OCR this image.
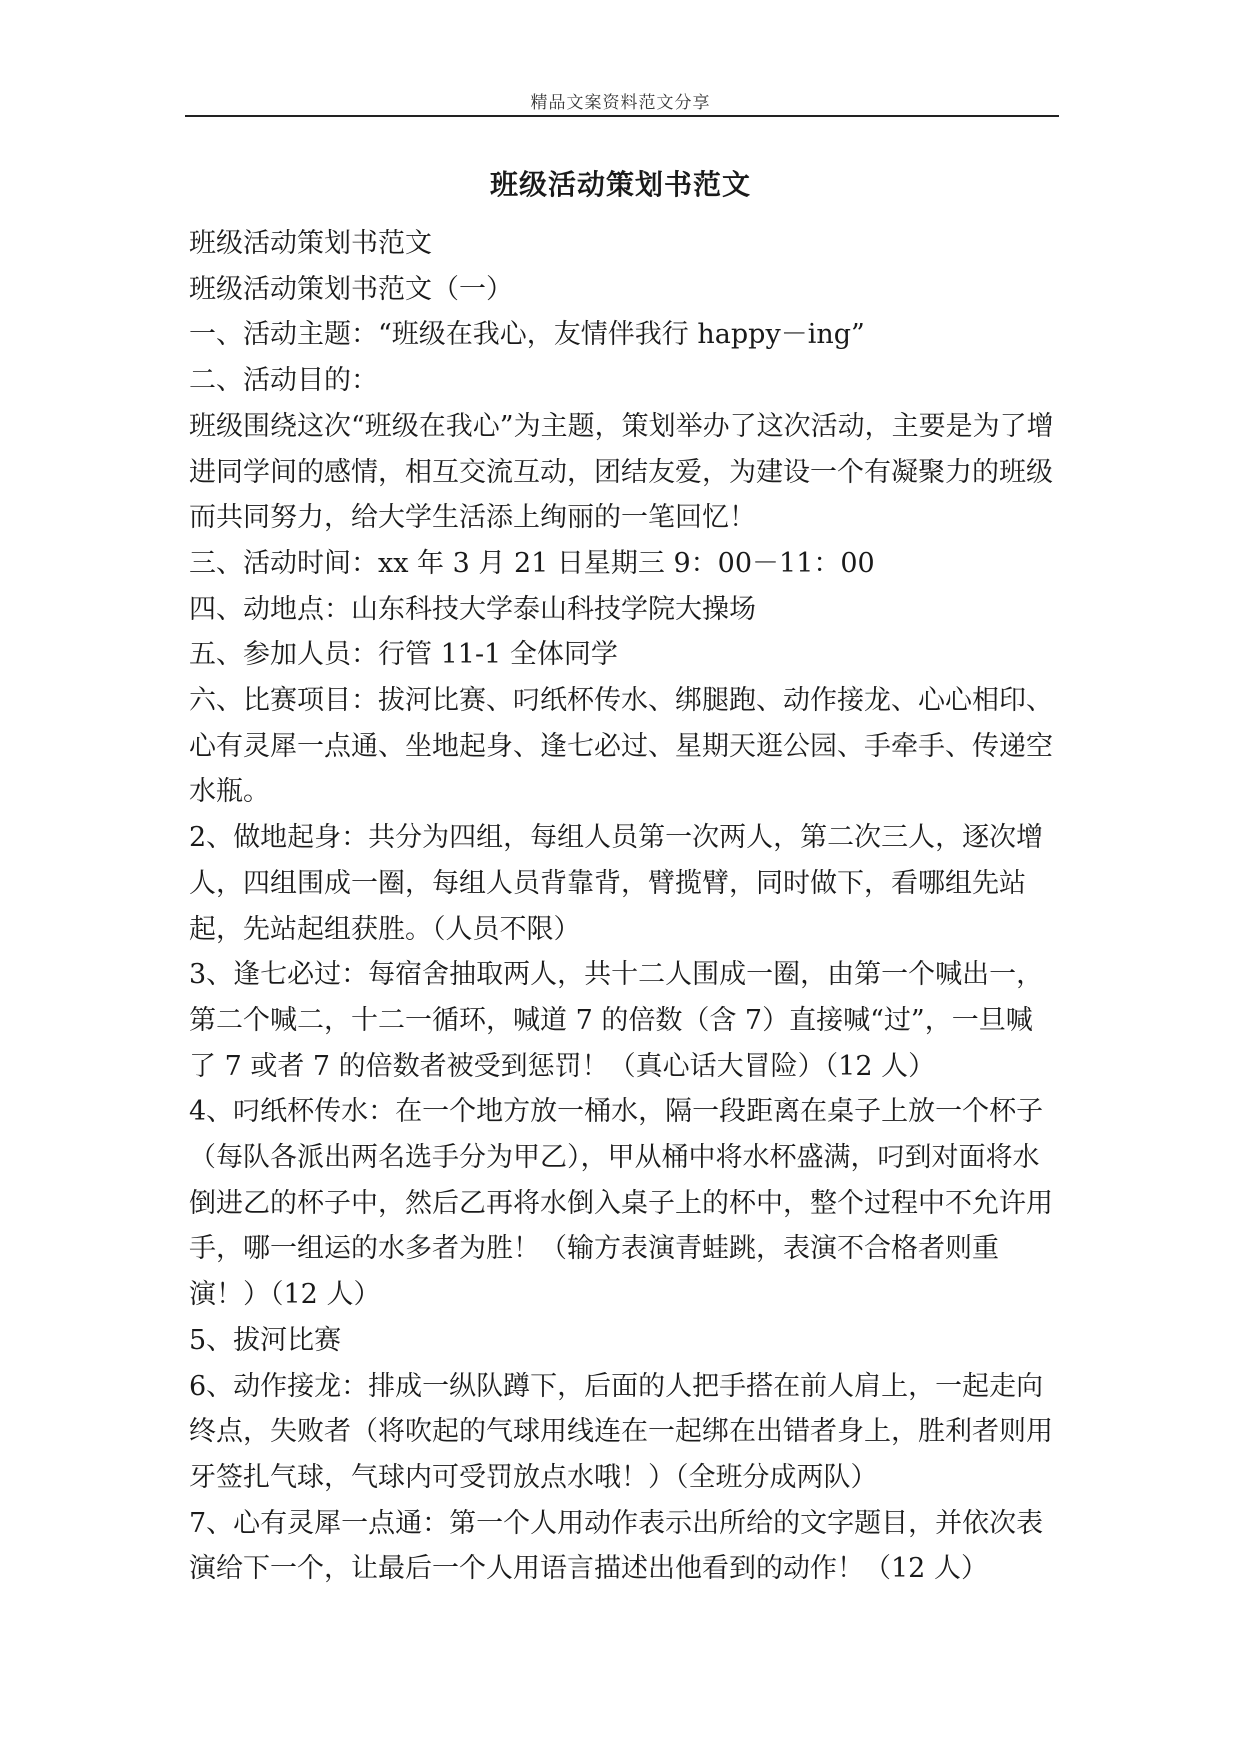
精品文案资料范文分享
班级活动策划书范文

班级活动策划书范文

班级活动策划书范文（一）

一、活动主题：“班级在我心，友情伴我行 happy－ing”

二、活动目的：

班级围绕这次“班级在我心”为主题，策划举办了这次活动，主要是为了增进同学间的感情，相互交流互动，团结友爱，为建设一个有凝聚力的班级而共同努力，给大学生活添上绚丽的一笔回忆！

三、活动时间：xx 年 3 月 21 日星期三 9：00－11：00

四、动地点：山东科技大学泰山科技学院大操场

五、参加人员：行管 11-1 全体同学

六、比赛项目：拔河比赛、叼纸杯传水、绑腿跑、动作接龙、心心相印、心有灵犀一点通、坐地起身、逢七必过、星期天逛公园、手牵手、传递空水瓶。

2、做地起身：共分为四组，每组人员第一次两人，第二次三人，逐次增人，四组围成一圈，每组人员背靠背，臂揽臂，同时做下，看哪组先站起，先站起组获胜。（人员不限）

3、逢七必过：每宿舍抽取两人，共十二人围成一圈，由第一个喊出一，第二个喊二，十二一循环，喊道 7 的倍数（含 7）直接喊“过”，一旦喊了 7 或者 7 的倍数者被受到惩罚！（真心话大冒险）（12 人）

4、叼纸杯传水：在一个地方放一桶水，隔一段距离在桌子上放一个杯子（每队各派出两名选手分为甲乙），甲从桶中将水杯盛满，叼到对面将水倒进乙的杯子中，然后乙再将水倒入桌子上的杯中，整个过程中不允许用手，哪一组运的水多者为胜！（输方表演青蛙跳，表演不合格者则重演！）（12 人）

5、拔河比赛

6、动作接龙：排成一纵队蹲下，后面的人把手搭在前人肩上，一起走向终点，失败者（将吹起的气球用线连在一起绑在出错者身上，胜利者则用牙签扎气球，气球内可受罚放点水哦！）（全班分成两队）

7、心有灵犀一点通：第一个人用动作表示出所给的文字题目，并依次表演给下一个，让最后一个人用语言描述出他看到的动作！（12 人）
